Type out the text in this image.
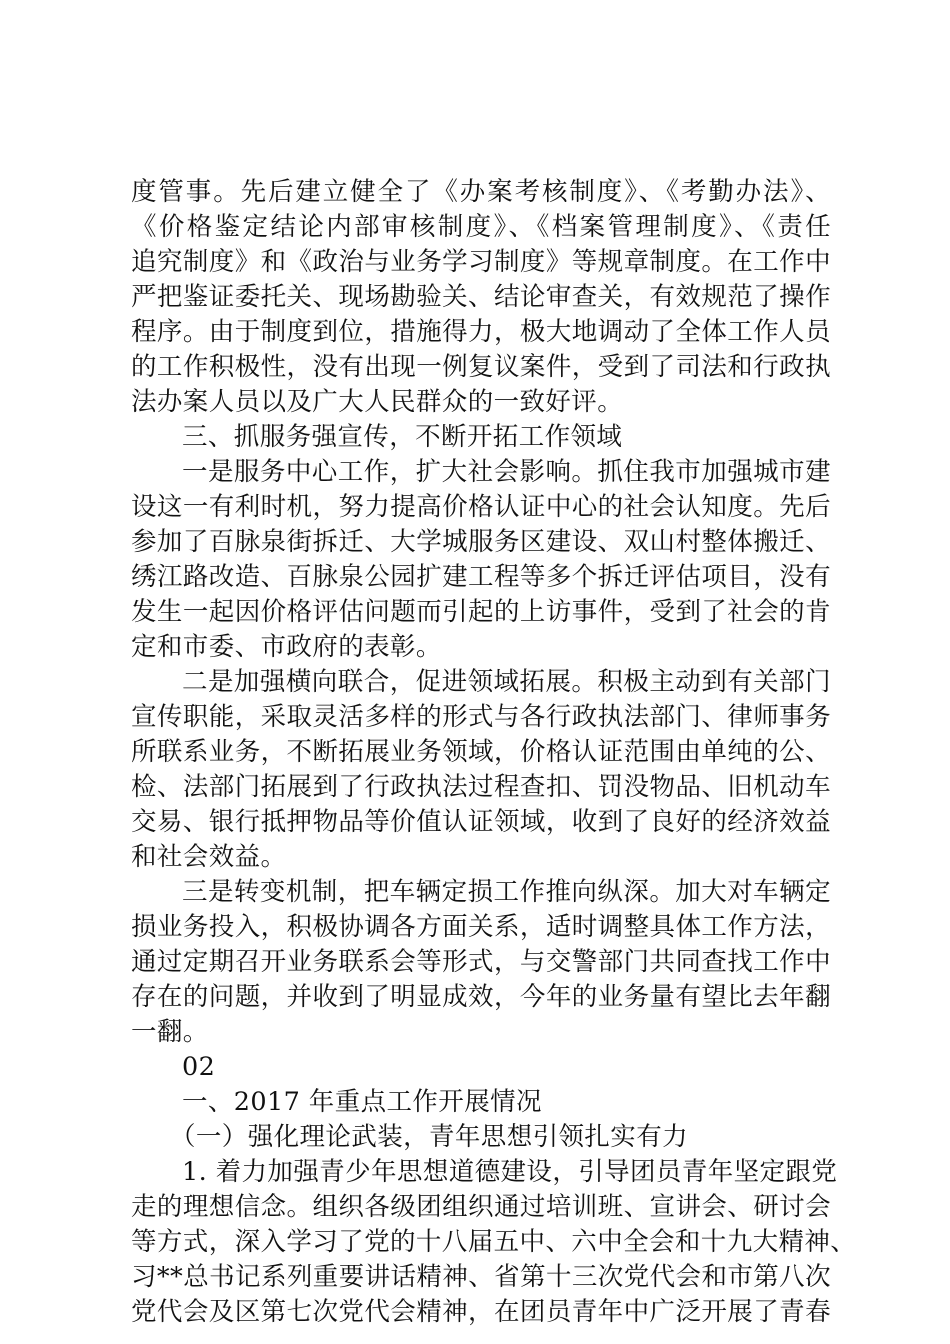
度管事。先后建立健全了《办案考核制度》、《考勤办法》、
《价格鉴定结论内部审核制度》、《档案管理制度》、《责任
追究制度》和《政治与业务学习制度》等规章制度。在工作中
严把鉴证委托关、现场勘验关、结论审查关，有效规范了操作
程序。由于制度到位，措施得力，极大地调动了全体工作人员
的工作积极性，没有出现一例复议案件，受到了司法和行政执
法办案人员以及广大人民群众的一致好评。
三、抓服务强宣传，不断开拓工作领域
一是服务中心工作，扩大社会影响。抓住我市加强城市建
设这一有利时机，努力提高价格认证中心的社会认知度。先后
参加了百脉泉街拆迁、大学城服务区建设、双山村整体搬迁、
绣江路改造、百脉泉公园扩建工程等多个拆迁评估项目，没有
发生一起因价格评估问题而引起的上访事件，受到了社会的肯
定和市委、市政府的表彰。
二是加强横向联合，促进领域拓展。积极主动到有关部门
宣传职能，采取灵活多样的形式与各行政执法部门、律师事务
所联系业务，不断拓展业务领域，价格认证范围由单纯的公、
检、法部门拓展到了行政执法过程查扣、罚没物品、旧机动车
交易、银行抵押物品等价值认证领域，收到了良好的经济效益
和社会效益。
三是转变机制，把车辆定损工作推向纵深。加大对车辆定
损业务投入，积极协调各方面关系，适时调整具体工作方法，
通过定期召开业务联系会等形式，与交警部门共同查找工作中
存在的问题，并收到了明显成效，今年的业务量有望比去年翻
一翻。
02
一、2017 年重点工作开展情况
（一）强化理论武装，青年思想引领扎实有力
1. 着力加强青少年思想道德建设，引导团员青年坚定跟党
走的理想信念。组织各级团组织通过培训班、宣讲会、研讨会
等方式，深入学习了党的十八届五中、六中全会和十九大精神、
习**总书记系列重要讲话精神、省第十三次党代会和市第八次
党代会及区第七次党代会精神，在团员青年中广泛开展了青春
